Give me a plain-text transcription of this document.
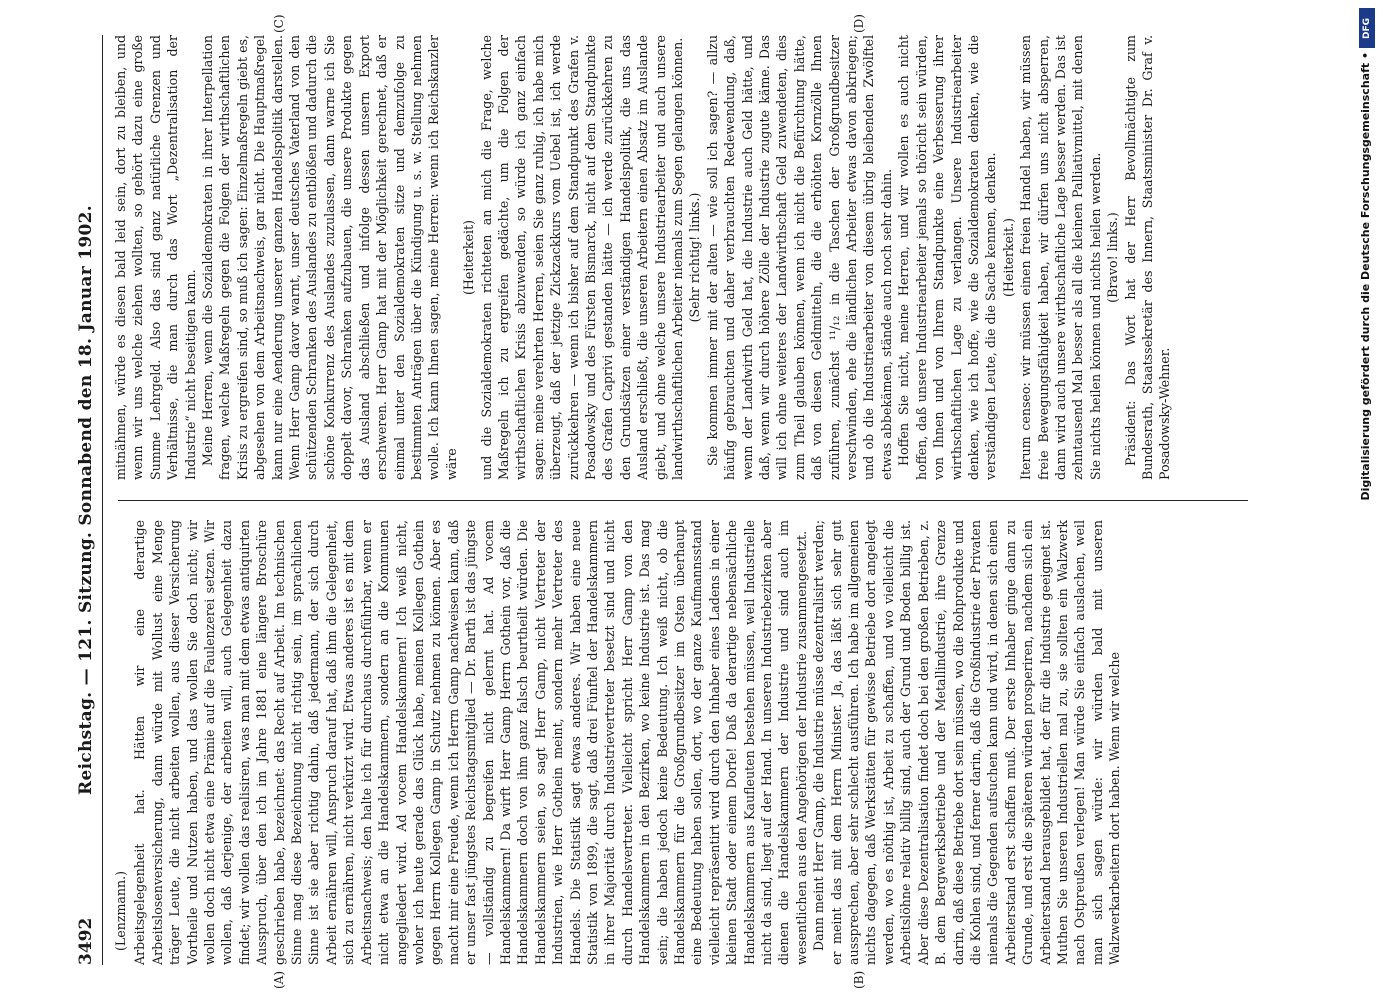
3492
Reichstag. — 121. Sitzung. Sonnabend den 18. Januar 1902.
(A)	(B)
(C)	(D)

(Lenzmann.) Arbeitsgelegenheit hat. Hätten wir eine derartige Arbeitslosenversicherung, dann würde mit Wollust eine Menge träger Leute, die nicht arbeiten wollen, aus dieser Versicherung Vortheile und Nutzen haben, und das wollen Sie doch nicht; wir wollen doch nicht etwa eine Prämie auf die Faulenzerei setzen. Wir wollen, daß derjenige, der arbeiten will, auch Gelegenheit dazu findet; wir wollen das realisiren, was man mit dem etwas antiquirten Ausspruch, über den ich im Jahre 1881 eine längere Broschüre geschrieben habe, bezeichnet: das Recht auf Arbeit. Im technischen Sinne mag diese Bezeichnung nicht richtig sein, im sprachlichen Sinne ist sie aber richtig dahin, daß jedermann, der sich durch Arbeit ernähren will, Anspruch darauf hat, daß ihm die Gelegenheit, sich zu ernähren, nicht verkürzt wird. Etwas anderes ist es mit dem Arbeitsnachweis; den halte ich für durchaus durchführbar, wenn er nicht etwa an die Handelskammern, sondern an die Kommunen angegliedert wird. Ad vocem Handelskammern! Ich weiß nicht, woher ich heute gerade das Glück habe, meinen Kollegen Gothein gegen Herrn Kollegen Gamp in Schutz nehmen zu können. Aber es macht mir eine Freude, wenn ich Herrn Gamp nachweisen kann, daß er unser fast jüngstes Reichstagsmitglied — Dr. Barth ist das jüngste — vollständig zu begreifen nicht gelernt hat. Ad vocem Handelskammern! Da wirft Herr Gamp Herrn Gothein vor, daß die Handelskammern doch von ihm ganz falsch beurtheilt würden. Die Handelskammern seien, so sagt Herr Gamp, nicht Vertreter der Industrien, wie Herr Gothein meint, sondern mehr Vertreter des Handels. Die Statistik sagt etwas anderes. Wir haben eine neue Statistik von 1899, die sagt, daß drei Fünftel der Handelskammern in ihrer Majorität durch Industrievertreter besetzt sind und nicht durch Handelsvertreter. Vielleicht spricht Herr Gamp von den Handelskammern in den Bezirken, wo keine Industrie ist. Das mag sein; die haben jedoch keine Bedeutung. Ich weiß nicht, ob die Handelskammern für die Großgrundbesitzer im Osten überhaupt eine Bedeutung haben sollen, dort, wo der ganze Kaufmannsstand vielleicht repräsentirt wird durch den Inhaber eines Ladens in einer kleinen Stadt oder einem Dorfe! Daß da derartige nebensächliche Handelskammern aus Kaufleuten bestehen müssen, weil Industrielle nicht da sind, liegt auf der Hand. In unseren Industriebezirken aber dienen die Handelskammern der Industrie und sind auch im wesentlichen aus den Angehörigen der Industrie zusammengesetzt. Dann meint Herr Gamp, die Industrie müsse dezentralisirt werden; er meint das mit dem Herrn Minister. Ja, das läßt sich sehr gut aussprechen, aber sehr schlecht ausführen. Ich habe im allgemeinen nichts dagegen, daß Werkstätten für gewisse Betriebe dort angelegt werden, wo es nöthig ist, Arbeit zu schaffen, und wo vielleicht die Arbeitslöhne relativ billig sind, auch der Grund und Boden billig ist. Aber diese Dezentralisation findet doch bei den großen Betrieben, z. B. dem Bergwerksbetriebe und der Metallindustrie, ihre Grenze darin, daß diese Betriebe dort sein müssen, wo die Rohprodukte und die Kohlen sind, und ferner darin, daß die Großindustrie der Privaten niemals die Gegenden aufsuchen kann und wird, in denen sich einen Arbeiterstand erst schaffen muß. Der erste Inhaber ginge dann zu Grunde, und erst die späteren würden prosperiren, nachdem sich ein Arbeiterstand herausgebildet hat, der für die Industrie geeignet ist. Muthen Sie unseren Industriellen mal zu, sie sollten ein Walzwerk nach Ostpreußen verlegen! Man würde Sie einfach auslachen, weil man sich sagen würde: wir würden bald mit unseren Walzwerkarbeitern dort haben. Wenn wir welche

mitnähmen, würde es diesen bald leid sein, dort zu bleiben, und wenn wir uns welche ziehen wollten, so gehört dazu eine große Summe Lehrgeld. Also das sind ganz natürliche Grenzen und Verhältnisse, die man durch das Wort „Dezentralisation der Industrie“ nicht beseitigen kann. Meine Herren, wenn die Sozialdemokraten in ihrer Interpellation fragen, welche Maßregeln gegen die Folgen der wirthschaftlichen Krisis zu ergreifen sind, so muß ich sagen: Einzelmaßregeln giebt es, abgesehen von dem Arbeitsnachweis, gar nicht. Die Hauptmaßregel kann nur eine Aenderung unserer ganzen Handelspolitik darstellen. Wenn Herr Gamp davor warnt, unser deutsches Vaterland von den schützenden Schranken des Auslandes zu entblößen und dadurch die schöne Konkurrenz des Auslandes zuzulassen, dann warne ich Sie doppelt davor, Schranken aufzubauen, die unsere Produkte gegen das Ausland abschließen und infolge dessen unsern Export erschweren. Herr Gamp hat mit der Möglichkeit gerechnet, daß er einmal unter den Sozialdemokraten sitze und demzufolge zu bestimmten Anträgen über die Kündigung u. s. w. Stellung nehmen wolle. Ich kann Ihnen sagen, meine Herren: wenn ich Reichskanzler wäre

(Heiterkeit) und die Sozialdemokraten richteten an mich die Frage, welche Maßregeln ich zu ergreifen gedächte, um die Folgen der wirthschaftlichen Krisis abzuwenden, so würde ich ganz einfach sagen: meine verehrten Herren, seien Sie ganz ruhig, ich habe mich überzeugt, daß der jetzige Zickzackkurs vom Uebel ist, ich werde zurückkehren — wenn ich bisher auf dem Standpunkt des Grafen v. Posadowsky und des Fürsten Bismarck, nicht auf dem Standpunkte des Grafen Caprivi gestanden hätte — ich werde zurückkehren zu den Grundsätzen einer verständigen Handelspolitik, die uns das Ausland erschließt, die unseren Arbeitern einen Absatz im Auslande giebt, und ohne welche unsere Industriearbeiter und auch unsere landwirthschaftlichen Arbeiter niemals zum Segen gelangen können. (Sehr richtig! links.) Sie kommen immer mit der alten — wie soll ich sagen? — allzu häufig gebrauchten und daher verbrauchten Redewendung, daß, wenn der Landwirth Geld hat, die Industrie auch Geld hätte, und daß, wenn wir durch höhere Zölle der Industrie zugute käme. Das will ich ohne weiteres der Landwirthschaft Geld zuwendeten, dies zum Theil glauben können, wenn ich nicht die Befürchtung hätte, daß von diesen Geldmitteln, die die erhöhten Kornzölle Ihnen zuführen, zunächst ¹¹/₁₂ in die Taschen der Großgrundbesitzer verschwinden, ehe die ländlichen Arbeiter etwas davon abkriegen; und ob die Industriearbeiter von diesem übrig bleibenden Zwölftel etwas abbekämen, stände auch noch sehr dahin. Hoffen Sie nicht, meine Herren, und wir wollen es auch nicht hoffen, daß unsere Industriearbeiter jemals so thöricht sein würden, von Ihnen und von Ihrem Standpunkte eine Verbesserung ihrer wirthschaftlichen Lage zu verlangen. Unsere Industriearbeiter denken, wie ich hoffe, wie die Sozialdemokraten denken, wie die verständigen Leute, die die Sache kennen, denken. (Heiterkeit.) Iterum censeo: wir müssen einen freien Handel haben, wir müssen freie Bewegungsfähigkeit haben, wir dürfen uns nicht absperren, dann wird auch unsere wirthschaftliche Lage besser werden. Das ist zehntausend Mal besser als all die kleinen Palliativmittel, mit denen Sie nichts heilen können und nichts heilen werden. (Bravo! links.) Präsident: Das Wort hat der Herr Bevollmächtigte zum Bundesrath, Staatssekretär des Innern, Staatsminister Dr. Graf v. Posadowsky-Wehner.

DFG
Digitalisierung gefördert durch die Deutsche Forschungsgemeinschaft •
